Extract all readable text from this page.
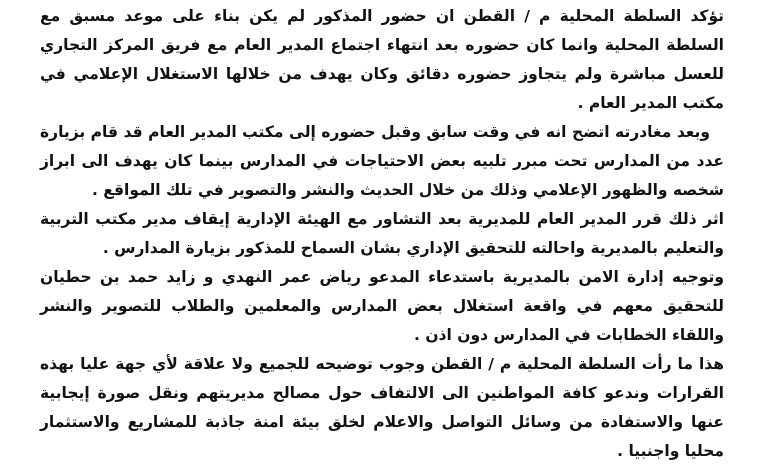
تؤكد السلطة المحلية م / القطن ان حضور المذكور لم يكن بناء على موعد مسبق مع السلطة المحلية وانما كان حضوره بعد انتهاء اجتماع المدير العام مع فريق المركز التجاري للعسل مباشرة ولم يتجاوز حضوره دقائق وكان يهدف من خلالها الاستغلال الإعلامي في مكتب المدير العام .

وبعد مغادرته اتضح انه في وقت سابق وقبل حضوره إلى مكتب المدير العام قد قام بزيارة عدد من المدارس تحت مبرر تلبيه بعض الاحتياجات في المدارس بينما كان يهدف الى ابراز شخصه والظهور الإعلامي وذلك من خلال الحديث والنشر والتصوير في تلك المواقع .

اثر ذلك قرر المدير العام للمديرية بعد التشاور مع الهيئة الإدارية إيقاف مدير مكتب التربية والتعليم بالمديرية واحالته للتحقيق الإداري بشان السماح للمذكور بزيارة المدارس .

وتوجيه إدارة الامن بالمديرية باستدعاء المدعو رياض عمر النهدي و زايد حمد بن حطيان للتحقيق معهم في واقعة استغلال بعض المدارس والمعلمين والطلاب للتصوير والنشر واللقاء الخطابات في المدارس دون اذن .

هذا ما رأت السلطة المحلية م / القطن وجوب توضيحه للجميع ولا علاقة لأي جهة عليا بهذه القرارات وندعو كافة المواطنين الى الالتفاف حول مصالح مديريتهم ونقل صورة إيجابية عنها والاستفادة من وسائل التواصل والاعلام لخلق بيئة امنة جاذبة للمشاريع والاستثمار محليا واجنبيا .
